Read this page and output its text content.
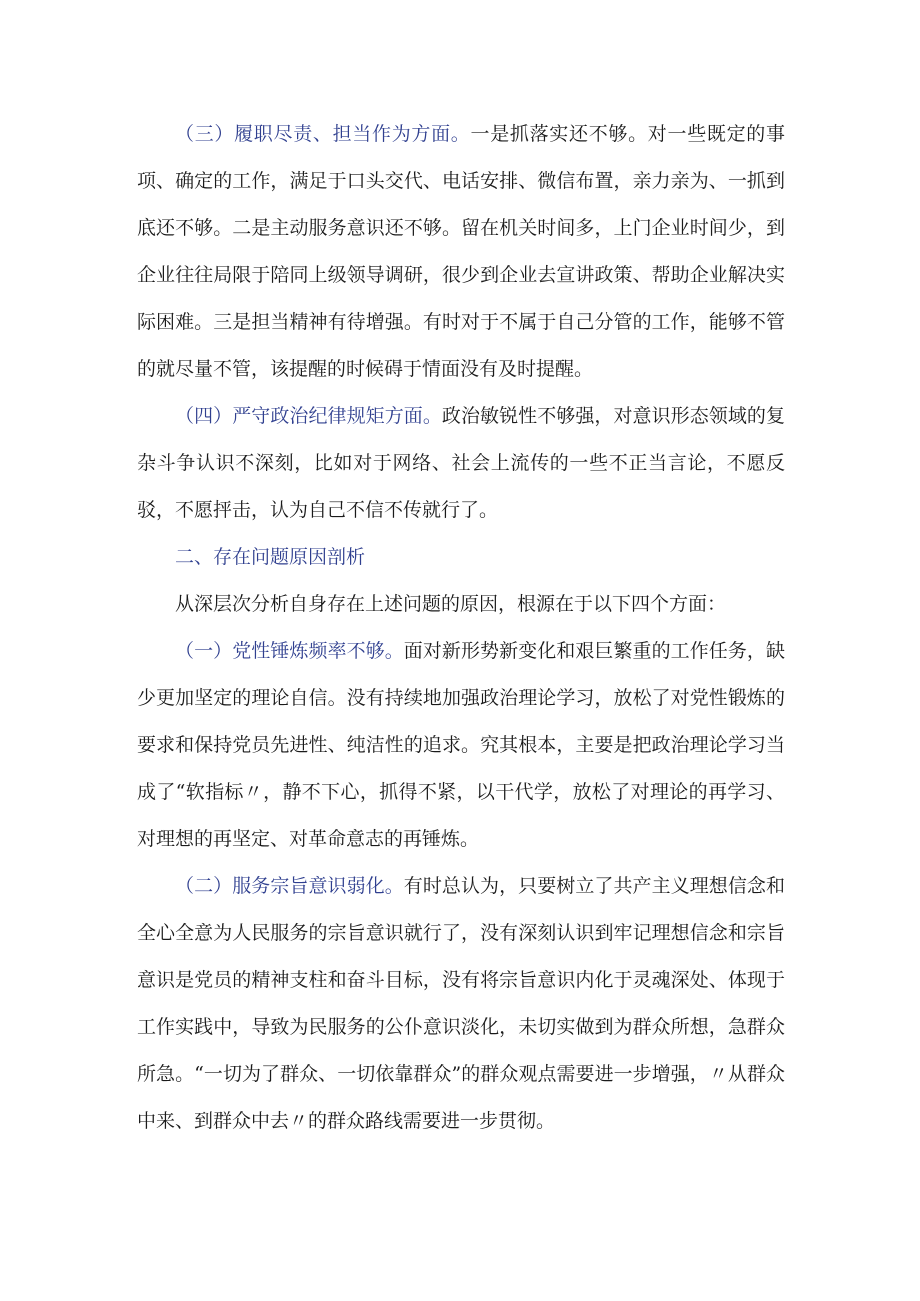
（三）履职尽责、担当作为方面。一是抓落实还不够。对一些既定的事项、确定的工作，满足于口头交代、电话安排、微信布置，亲力亲为、一抓到底还不够。二是主动服务意识还不够。留在机关时间多，上门企业时间少，到企业往往局限于陪同上级领导调研，很少到企业去宣讲政策、帮助企业解决实际困难。三是担当精神有待增强。有时对于不属于自己分管的工作，能够不管的就尽量不管，该提醒的时候碍于情面没有及时提醒。

（四）严守政治纪律规矩方面。政治敏锐性不够强，对意识形态领域的复杂斗争认识不深刻，比如对于网络、社会上流传的一些不正当言论，不愿反驳，不愿抨击，认为自己不信不传就行了。

二、存在问题原因剖析

从深层次分析自身存在上述问题的原因，根源在于以下四个方面：

（一）党性锤炼频率不够。面对新形势新变化和艰巨繁重的工作任务，缺少更加坚定的理论自信。没有持续地加强政治理论学习，放松了对党性锻炼的要求和保持党员先进性、纯洁性的追求。究其根本，主要是把政治理论学习当成了“软指标〃，静不下心，抓得不紧，以干代学，放松了对理论的再学习、对理想的再坚定、对革命意志的再锤炼。

（二）服务宗旨意识弱化。有时总认为，只要树立了共产主义理想信念和全心全意为人民服务的宗旨意识就行了，没有深刻认识到牢记理想信念和宗旨意识是党员的精神支柱和奋斗目标，没有将宗旨意识内化于灵魂深处、体现于工作实践中，导致为民服务的公仆意识淡化，未切实做到为群众所想，急群众所急。“一切为了群众、一切依靠群众”的群众观点需要进一步增强，〃从群众中来、到群众中去〃的群众路线需要进一步贯彻。
